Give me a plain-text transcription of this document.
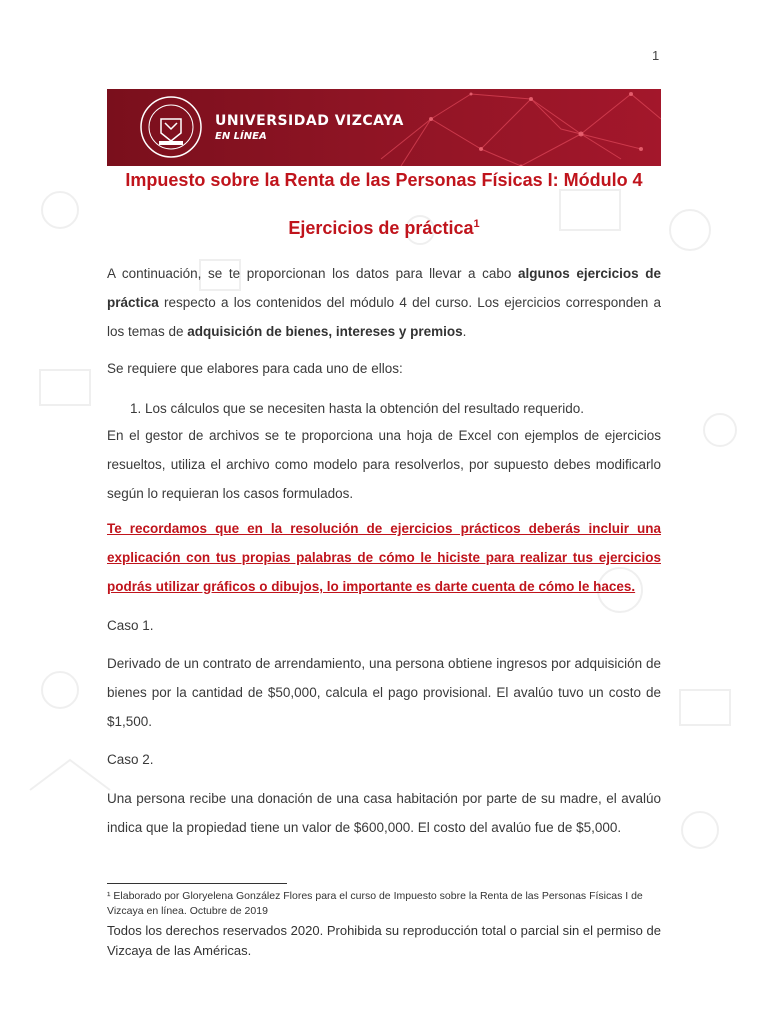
1
UNIVERSIDAD VIZCAYA
EN LÍNEA
Impuesto sobre la Renta de las Personas Físicas I: Módulo 4
Ejercicios de práctica$^1$
A continuación, se te proporcionan los datos para llevar a cabo algunos ejercicios de práctica respecto a los contenidos del módulo 4 del curso. Los ejercicios corresponden a los temas de adquisición de bienes, intereses y premios.
Se requiere que elabores para cada uno de ellos:
1. Los cálculos que se necesiten hasta la obtención del resultado requerido.
En el gestor de archivos se te proporciona una hoja de Excel con ejemplos de ejercicios resueltos, utiliza el archivo como modelo para resolverlos, por supuesto debes modificarlo según lo requieran los casos formulados.
Te recordamos que en la resolución de ejercicios prácticos deberás incluir una explicación con tus propias palabras de cómo le hiciste para realizar tus ejercicios podrás utilizar gráficos o dibujos, lo importante es darte cuenta de cómo le haces.
Caso 1.
Derivado de un contrato de arrendamiento, una persona obtiene ingresos por adquisición de bienes por la cantidad de $50,000, calcula el pago provisional. El avalúo tuvo un costo de $1,500.
Caso 2.
Una persona recibe una donación de una casa habitación por parte de su madre, el avalúo indica que la propiedad tiene un valor de $600,000. El costo del avalúo fue de $5,000.
¹ Elaborado por Gloryelena González Flores para el curso de Impuesto sobre la Renta de las Personas Físicas I de Vizcaya en línea. Octubre de 2019
Todos los derechos reservados 2020. Prohibida su reproducción total o parcial sin el permiso de Vizcaya de las Américas.
